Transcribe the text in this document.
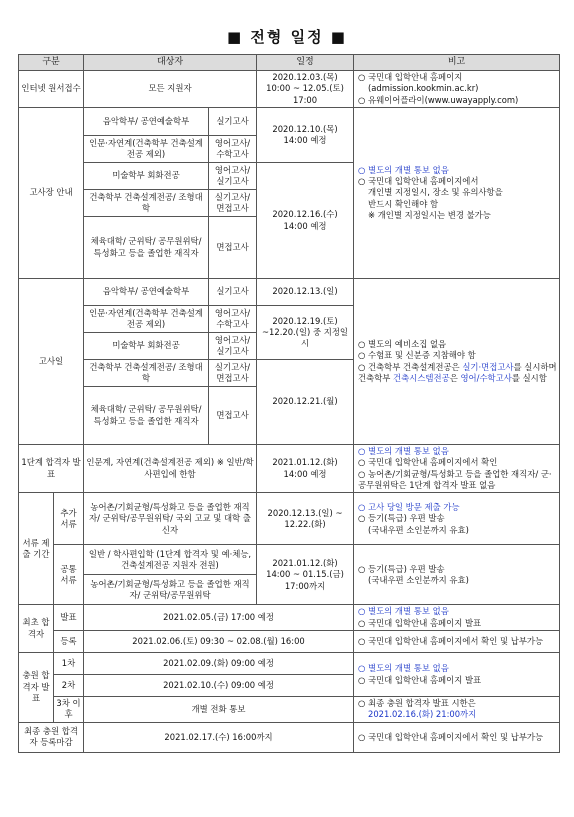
■ 전형 일정 ■
구분		대상자		일정	비고
인터넷 원서접수		모든 지원자		2020.12.03.(목) 10:00 ~ 12.05.(토) 17:00	○ 국민대 입학안내 홈페이지
(admission.kookmin.ac.kr)
○ 유웨이어플라이(www.uwayapply.com)

고사장 안내		음악학부/ 공연예술학부	실기고사	2020.12.10.(목) 14:00 예정	○ 별도의 개별 통보 없음
○ 국민대 입학안내 홈페이지에서
개인별 지정일시, 장소 및 유의사항을
반드시 확인해야 함
※ 개인별 지정일시는 변경 불가능

		인문·자연계(건축학부 건축설계전공 제외)	영어고사/ 수학고사		
		미술학부 회화전공	영어고사/ 실기고사	2020.12.16.(수) 14:00 예정	
		건축학부 건축설계전공/ 조형대학	실기고사/ 면접고사		
		체육대학/ 군위탁/ 공무원위탁/ 특성화고 등을 졸업한 재직자	면접고사		

고사일		음악학부/ 공연예술학부	실기고사	2020.12.13.(일)	○ 별도의 예비소집 없음
○ 수험표 및 신분증 지참해야 함
○ 건축학부 건축설계전공은 실기·면접고사를 실시하며 건축학부 건축시스템전공은 영어/수학고사를 실시함

		인문·자연계(건축학부 건축설계전공 제외)	영어고사/ 수학고사	2020.12.19.(토) ~12.20.(일) 중 지정일시	
		미술학부 회화전공	영어고사/ 실기고사		
		건축학부 건축설계전공/ 조형대학	실기고사/ 면접고사	2020.12.21.(월)	
		체육대학/ 군위탁/ 공무원위탁/ 특성화고 등을 졸업한 재직자	면접고사		
1단계 합격자 발표		인문계, 자연계(건축설계전공 제외) ※ 일반/학사편입에 한함		2021.01.12.(화) 14:00 예정	○ 별도의 개별 통보 없음
○ 국민대 입학안내 홈페이지에서 확인
○ 농어촌/기회균형/특성화고 등을 졸업한 재직자/ 군·공무원위탁은 1단계 합격자 발표 없음

서류 제출 기간	추가 서류	농어촌/기회균형/특성화고 등을 졸업한 재직자/ 군위탁/공무원위탁/ 국외 고교 및 대학 출신자		2020.12.13.(일) ~ 12.22.(화)	○ 고사 당일 방문 제출 가능
○ 등기(특급) 우편 발송
(국내우편 소인분까지 유효)

	공통 서류	일반 / 학사편입학 (1단계 합격자 및 예·체능, 건축설계전공 지원자 전원)		2021.01.12.(화) 14:00 ~ 01.15.(금) 17:00까지	○ 등기(특급) 우편 발송
(국내우편 소인분까지 유효)

		농어촌/기회균형/특성화고 등을 졸업한 재직자/ 군위탁/공무원위탁			
최초 합격자	발표	2021.02.05.(금) 17:00 예정			○ 별도의 개별 통보 없음
○ 국민대 입학안내 홈페이지 발표

	등록	2021.02.06.(토) 09:30 ~ 02.08.(월) 16:00			○ 국민대 입학안내 홈페이지에서 확인 및 납부가능
충원 합격자 발표	1차	2021.02.09.(화) 09:00 예정			○ 별도의 개별 통보 없음
○ 국민대 입학안내 홈페이지 발표

	2차	2021.02.10.(수) 09:00 예정			
	3차 이후	개별 전화 통보			○ 최종 충원 합격자 발표 시한은
2021.02.16.(화) 21:00까지

최종 충원 합격자 등록마감		2021.02.17.(수) 16:00까지			○ 국민대 입학안내 홈페이지에서 확인 및 납부가능
